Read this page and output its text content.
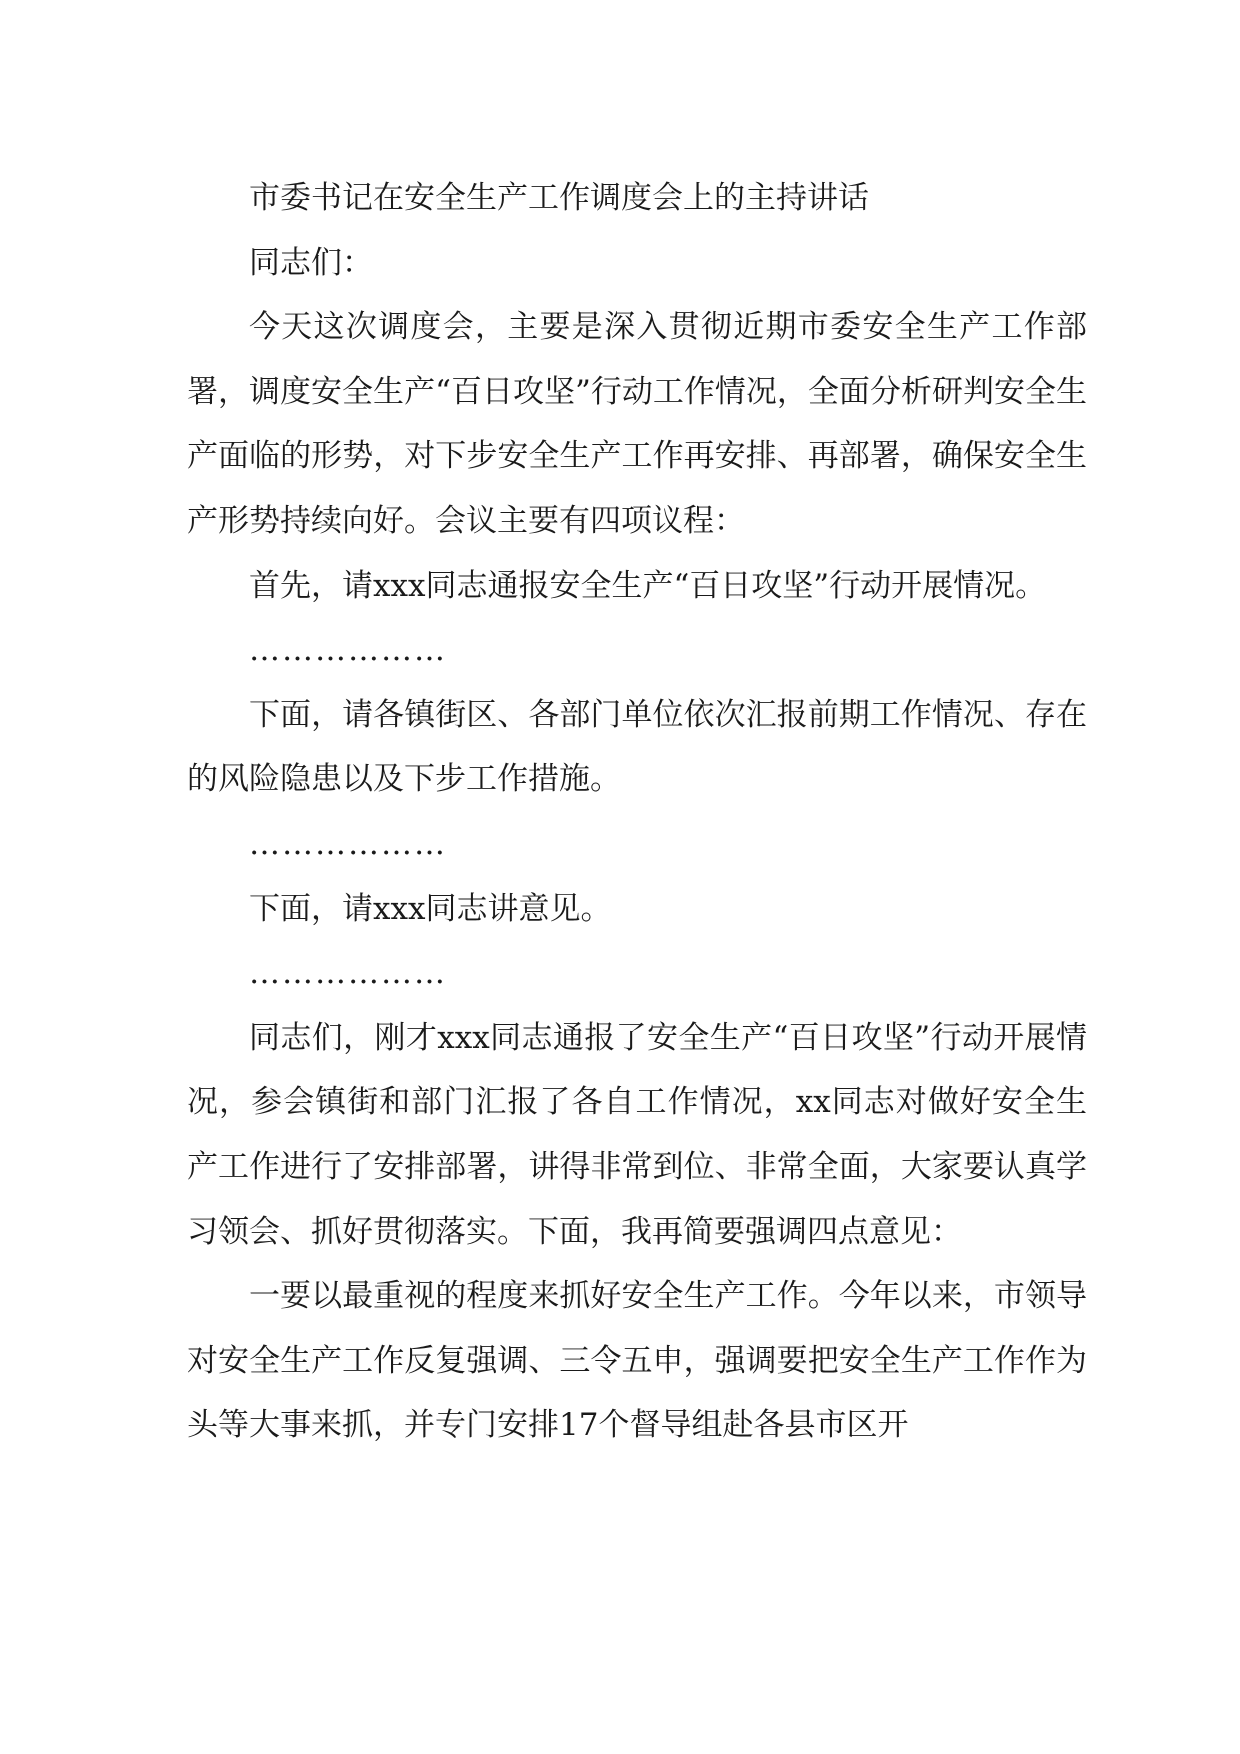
市委书记在安全生产工作调度会上的主持讲话

同志们：

今天这次调度会，主要是深入贯彻近期市委安全生产工作部署，调度安全生产“百日攻坚”行动工作情况，全面分析研判安全生产面临的形势，对下步安全生产工作再安排、再部署，确保安全生产形势持续向好。会议主要有四项议程：

首先，请xxx同志通报安全生产“百日攻坚”行动开展情况。

………………

下面，请各镇街区、各部门单位依次汇报前期工作情况、存在的风险隐患以及下步工作措施。

………………

下面，请xxx同志讲意见。

………………

同志们，刚才xxx同志通报了安全生产“百日攻坚”行动开展情况，参会镇街和部门汇报了各自工作情况，xx同志对做好安全生产工作进行了安排部署，讲得非常到位、非常全面，大家要认真学习领会、抓好贯彻落实。下面，我再简要强调四点意见：

一要以最重视的程度来抓好安全生产工作。今年以来，市领导对安全生产工作反复强调、三令五申，强调要把安全生产工作作为头等大事来抓，并专门安排17个督导组赴各县市区开
